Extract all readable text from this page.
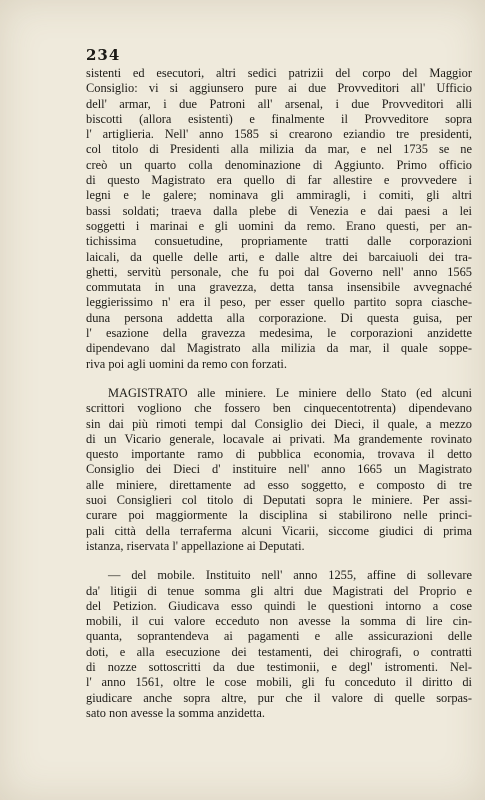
234
sistenti ed esecutori, altri sedici patrizii del corpo del Maggior
Consiglio: vi si aggiunsero pure ai due Provveditori all' Ufficio
dell' armar, i due Patroni all' arsenal, i due Provveditori alli
biscotti (allora esistenti) e finalmente il Provveditore sopra
l' artiglieria. Nell' anno 1585 si crearono eziandio tre presidenti,
col titolo di Presidenti alla milizia da mar, e nel 1735 se ne
creò un quarto colla denominazione di Aggiunto. Primo officio
di questo Magistrato era quello di far allestire e provvedere i
legni e le galere; nominava gli ammiragli, i comiti, gli altri
bassi soldati; traeva dalla plebe di Venezia e dai paesi a lei
soggetti i marinai e gli uomini da remo. Erano questi, per an-
tichissima consuetudine, propriamente tratti dalle corporazioni
laicali, da quelle delle arti, e dalle altre dei barcaiuoli dei tra-
ghetti, servitù personale, che fu poi dal Governo nell' anno 1565
commutata in una gravezza, detta tansa insensibile avvegnaché
leggierissimo n' era il peso, per esser quello partito sopra ciasche-
duna persona addetta alla corporazione. Di questa guisa, per
l' esazione della gravezza medesima, le corporazioni anzidette
dipendevano dal Magistrato alla milizia da mar, il quale soppe-
riva poi agli uomini da remo con forzati.
MAGISTRATO alle miniere. Le miniere dello Stato (ed alcuni
scrittori vogliono che fossero ben cinquecentotrenta) dipendevano
sin dai più rimoti tempi dal Consiglio dei Dieci, il quale, a mezzo
di un Vicario generale, locavale ai privati. Ma grandemente rovinato
questo importante ramo di pubblica economia, trovava il detto
Consiglio dei Dieci d' instituire nell' anno 1665 un Magistrato
alle miniere, direttamente ad esso soggetto, e composto di tre
suoi Consiglieri col titolo di Deputati sopra le miniere. Per assi-
curare poi maggiormente la disciplina si stabilirono nelle princi-
pali città della terraferma alcuni Vicarii, siccome giudici di prima
istanza, riservata l' appellazione ai Deputati.
— del mobile. Instituito nell' anno 1255, affine di sollevare
da' litigii di tenue somma gli altri due Magistrati del Proprio e
del Petizion. Giudicava esso quindi le questioni intorno a cose
mobili, il cui valore eccedutο non avesse la somma di lire cin-
quanta, soprantendeva ai pagamenti e alle assicurazioni delle
doti, e alla esecuzione dei testamenti, dei chirografi, o contratti
di nozze sottoscritti da due testimonii, e degl' istromenti. Nel-
l' anno 1561, oltre le cose mobili, gli fu conceduto il diritto di
giudicare anche sopra altre, pur che il valore di quelle sorpas-
sato non avesse la somma anzidetta.
